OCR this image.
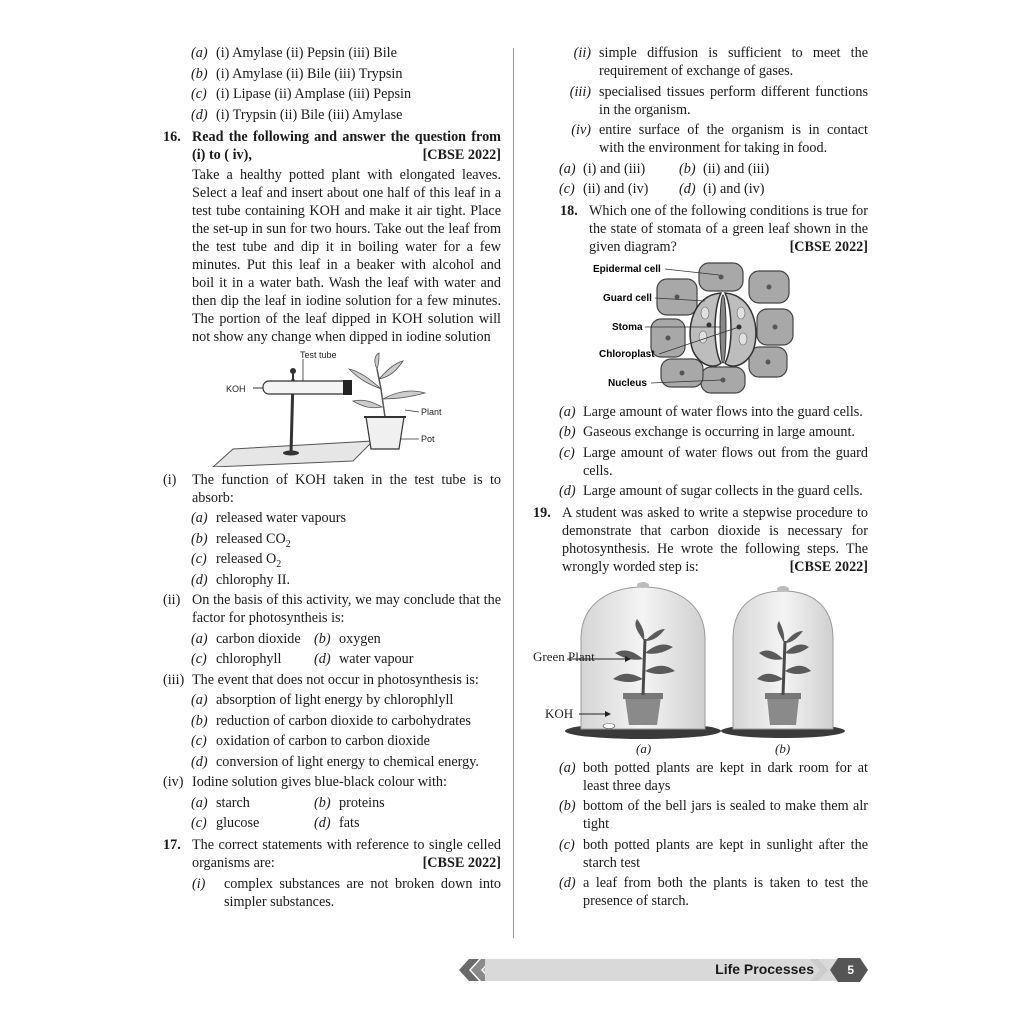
(a) (i) Amylase (ii) Pepsin (iii) Bile
(b) (i) Amylase (ii) Bile (iii) Trypsin
(c) (i) Lipase (ii) Amplase (iii) Pepsin
(d) (i) Trypsin (ii) Bile (iii) Amylase
16. Read the following and answer the question from (i) to ( iv),	[CBSE 2022]
Take a healthy potted plant with elongated leaves. Select a leaf and insert about one half of this leaf in a test tube containing KOH and make it air tight. Place the set-up in sun for two hours. Take out the leaf from the test tube and dip it in boiling water for a few minutes. Put this leaf in a beaker with alcohol and boil it in a water bath. Wash the leaf with water and then dip the leaf in iodine solution for a few minutes. The portion of the leaf dipped in KOH solution will not show any change when dipped in iodine solution
Test tube
KOH
Plant
Pot
(i)	The function of KOH taken in the test tube is to absorb:
(a) released water vapours
(b) released $CO_2$
(c) released $O_2$
(d) chlorophy II.
(ii) On the basis of this activity, we may conclude that the factor for photosyntheis is:
(a) carbon dioxide (b) oxygen
(c) chlorophyll (d) water vapour
(iii) The event that does not occur in photosynthesis is:
(a) absorption of light energy by chlorophlyll
(b) reduction of carbon dioxide to carbohydrates
(c) oxidation of carbon to carbon dioxide
(d) conversion of light energy to chemical energy.
(iv) Iodine solution gives blue-black colour with:
(a) starch	(b) proteins
(c) glucose	(d) fats
17. The correct statements with reference to single celled organisms are:	[CBSE 2022]
(i)	complex substances are not broken down into simpler substances.
(ii) simple diffusion is sufficient to meet the requirement of exchange of gases.
(iii) specialised tissues perform different functions in the organism.
(iv) entire surface of the organism is in contact with the environment for taking in food.
(a) (i) and (iii) (b) (ii) and (iii)
(c) (ii) and (iv) (d) (i) and (iv)
18. Which one of the following conditions is true for the state of stomata of a green leaf shown in the given diagram?	[CBSE 2022]
Epidermal cell
Guard cell
Stoma
Chloroplast
Nucleus
(a) Large amount of water flows into the guard cells.
(b) Gaseous exchange is occurring in large amount.
(c) Large amount of water flows out from the guard cells.
(d) Large amount of sugar collects in the guard cells.
19. A student was asked to write a stepwise procedure to demonstrate that carbon dioxide is necessary for photosynthesis. He wrote the following steps. The wrongly worded step is:	[CBSE 2022]
Green Plant
KOH
(a)	(b)
(a) both potted plants are kept in dark room for at least three days
(b) bottom of the bell jars is sealed to make them alr tight
(c) both potted plants are kept in sunlight after the starch test
(d) a leaf from both the plants is taken to test the presence of starch.
Life Processes	5
